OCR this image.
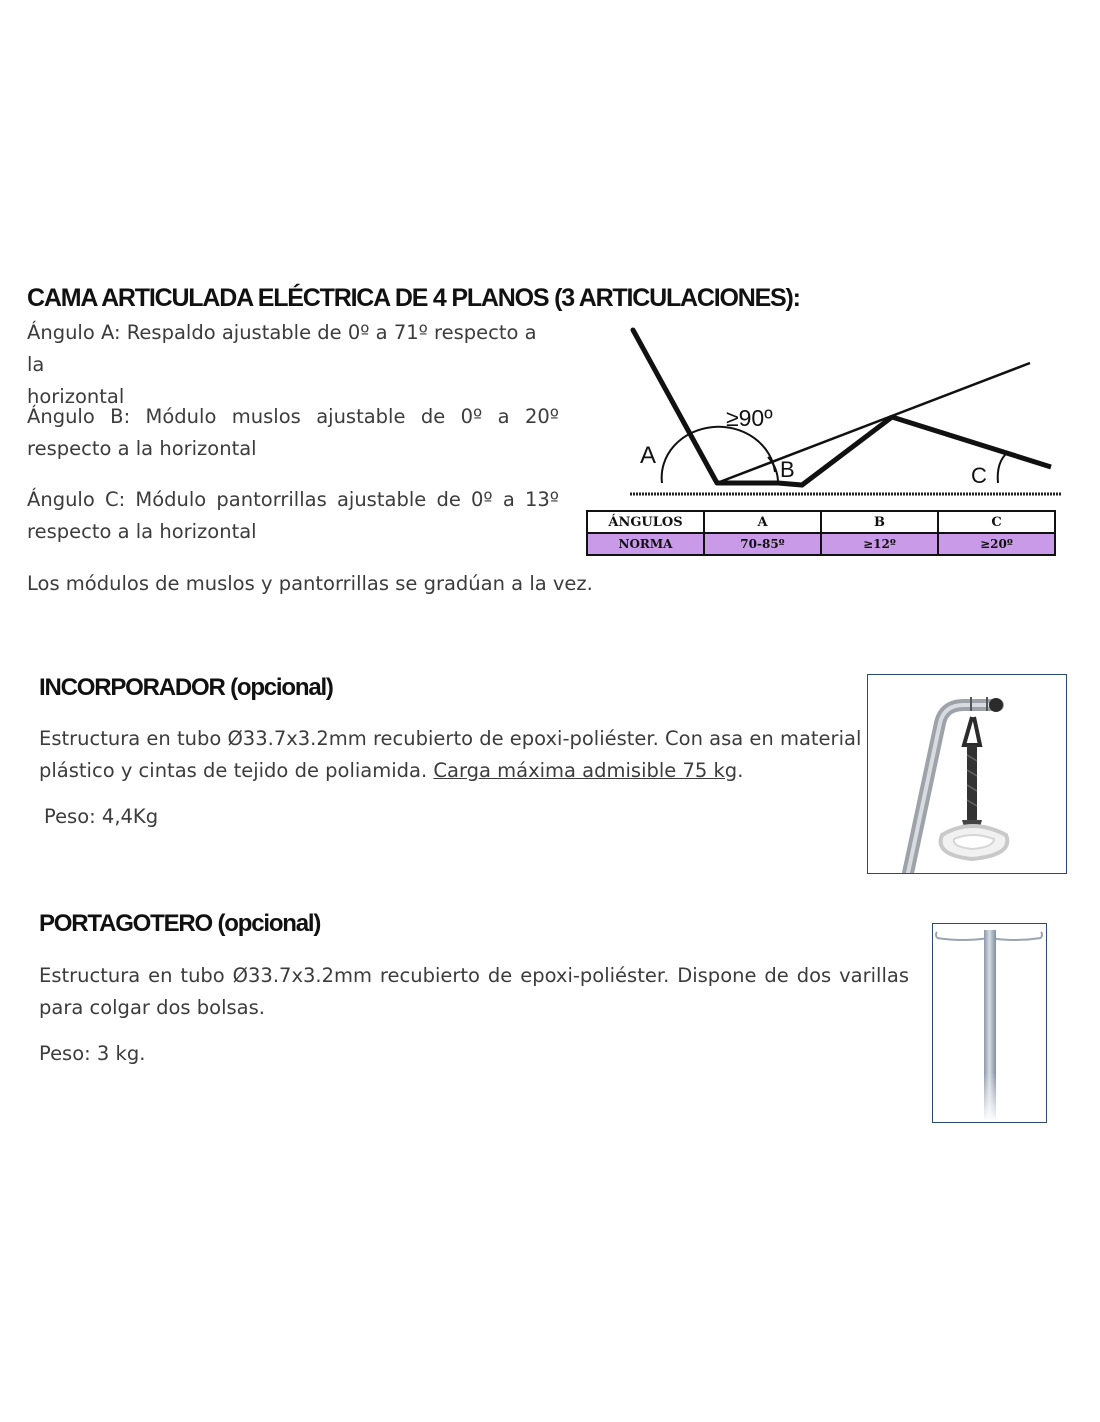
CAMA ARTICULADA ELÉCTRICA DE 4 PLANOS (3 ARTICULACIONES):
Ángulo A: Respaldo ajustable de 0º a 71º respecto a la
horizontal
Ángulo B: Módulo muslos ajustable de 0º a 20º respecto a la horizontal
Ángulo C: Módulo pantorrillas ajustable de 0º a 13º respecto a la horizontal
Los módulos de muslos y pantorrillas se gradúan a la vez.
A
B	C
≥90º
ÁNGULOS	A	B	C
NORMA	70-85º	≥12º	≥20º
INCORPORADOR (opcional)
Estructura en tubo Ø33.7x3.2mm recubierto de epoxi-poliéster. Con asa en material
plástico y cintas de tejido de poliamida. Carga máxima admisible 75 kg.
Peso: 4,4Kg
PORTAGOTERO (opcional)
Estructura en tubo Ø33.7x3.2mm recubierto de epoxi-poliéster. Dispone de dos varillas para colgar dos bolsas.
Peso: 3 kg.
